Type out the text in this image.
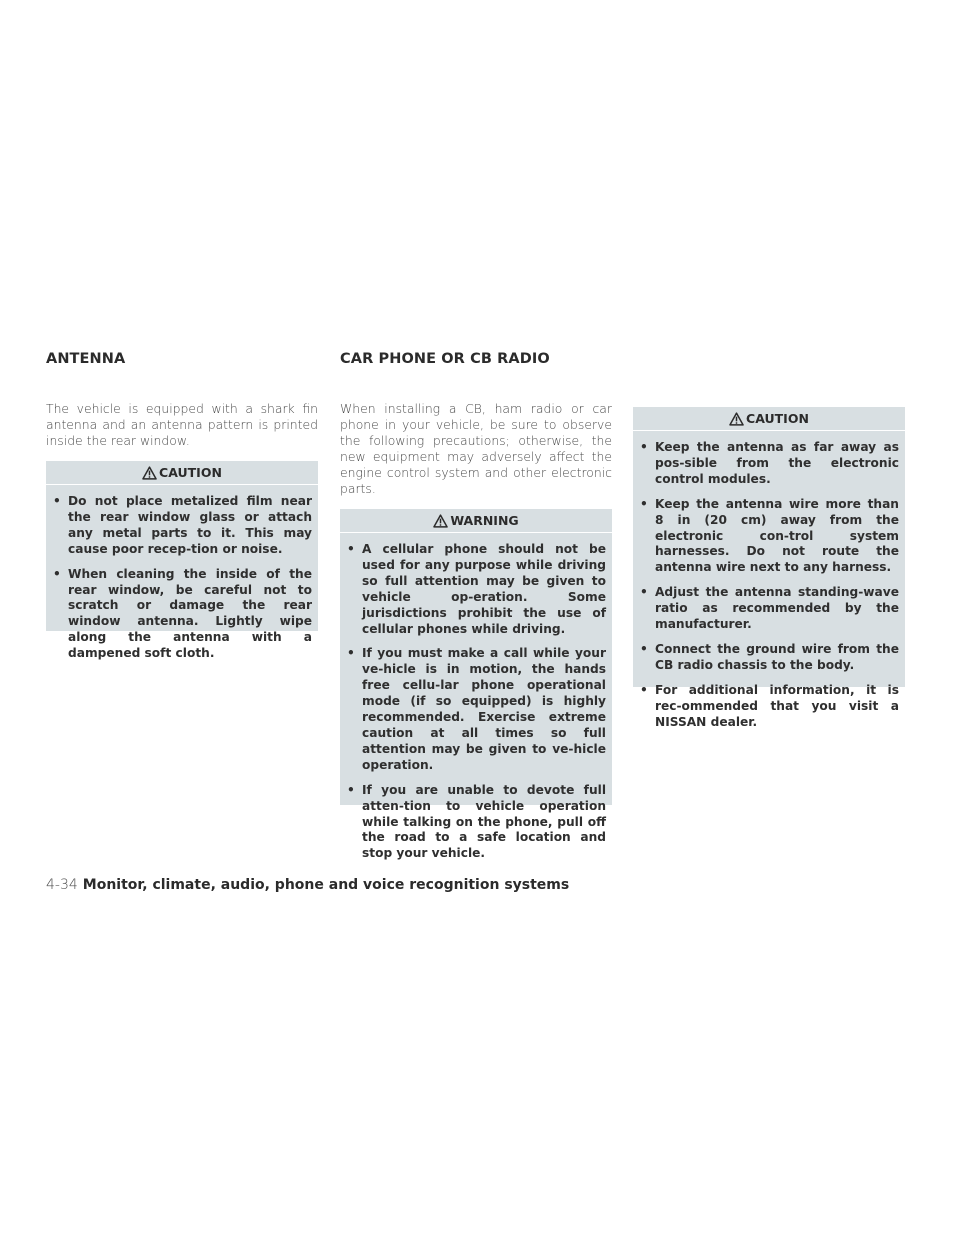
ANTENNA

The vehicle is equipped with a shark fin antenna and an antenna pattern is printed inside the rear window.

CAUTION
• Do not place metalized film near the rear window glass or attach any metal parts to it. This may cause poor recep-tion or noise.
• When cleaning the inside of the rear window, be careful not to scratch or damage the rear window antenna. Lightly wipe along the antenna with a dampened soft cloth.
CAR PHONE OR CB RADIO

When installing a CB, ham radio or car phone in your vehicle, be sure to observe the following precautions; otherwise, the new equipment may adversely affect the engine control system and other electronic parts.

WARNING
• A cellular phone should not be used for any purpose while driving so full attention may be given to vehicle op-eration. Some jurisdictions prohibit the use of cellular phones while driving.
• If you must make a call while your ve-hicle is in motion, the hands free cellu-lar phone operational mode (if so equipped) is highly recommended. Exercise extreme caution at all times so full attention may be given to ve-hicle operation.
• If you are unable to devote full atten-tion to vehicle operation while talking on the phone, pull off the road to a safe location and stop your vehicle.
CAUTION
• Keep the antenna as far away as pos-sible from the electronic control modules.
• Keep the antenna wire more than 8 in (20 cm) away from the electronic con-trol system harnesses. Do not route the antenna wire next to any harness.
• Adjust the antenna standing-wave ratio as recommended by the manufacturer.
• Connect the ground wire from the CB radio chassis to the body.
• For additional information, it is rec-ommended that you visit a NISSAN dealer.
4-34 Monitor, climate, audio, phone and voice recognition systems
